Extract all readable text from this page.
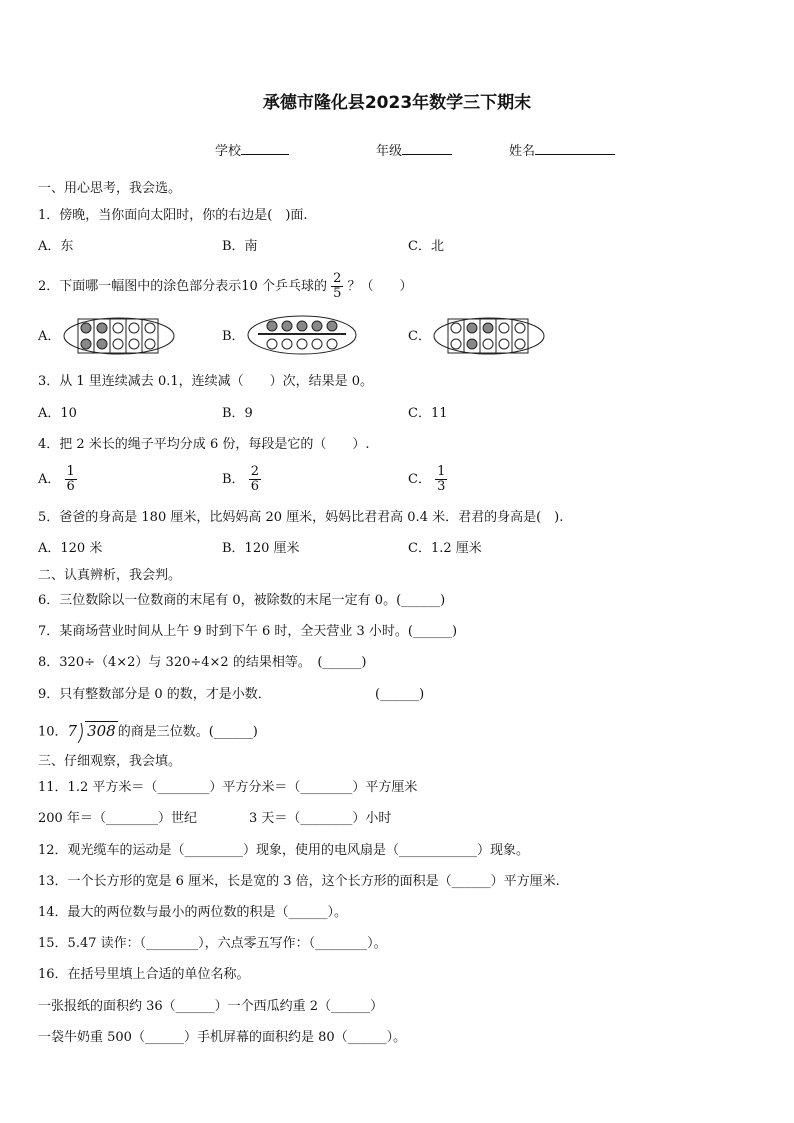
承德市隆化县2023年数学三下期末
学校	年级	姓名
一、用心思考，我会选。
1．傍晚，当你面向太阳时，你的右边是(　)面.
A．东	B．南	C．北
2．下面哪一幅图中的涂色部分表示10 个乒乓球的 $\frac{2}{5}$ ？（　　）
A．	B．	C．
3．从 1 里连续减去 0.1，连续减（　　）次，结果是 0。
A．10	B．9	C．11
4．把 2 米长的绳子平均分成 6 份，每段是它的（　　）.
A． $\frac{1}{6}$	B． $\frac{2}{6}$	C． $\frac{1}{3}$
5．爸爸的身高是 180 厘米，比妈妈高 20 厘米，妈妈比君君高 0.4 米．君君的身高是(　).
A．120 米	B．120 厘米	C．1.2 厘米
二、认真辨析，我会判。
6．三位数除以一位数商的末尾有 0，被除数的末尾一定有 0。(______)
7．某商场营业时间从上午 9 时到下午 6 时，全天营业 3 小时。(______)
8．320÷（4×2）与 320÷4×2 的结果相等。　(______)
9．只有整数部分是 0 的数，才是小数．	(______)
10．7 308 的商是三位数。(______)
三、仔细观察，我会填。
11．1.2 平方米＝（________）平方分米＝（________）平方厘米
200 年＝（________）世纪　　　　3 天＝（________）小时
12．观光缆车的运动是（_________）现象，使用的电风扇是（____________）现象。
13．一个长方形的宽是 6 厘米，长是宽的 3 倍，这个长方形的面积是（______）平方厘米.
14．最大的两位数与最小的两位数的积是（______）。
15．5.47 读作：（________），六点零五写作：（________）。
16．在括号里填上合适的单位名称。
一张报纸的面积约 36（______）一个西瓜约重 2（______）
一袋牛奶重 500（______）手机屏幕的面积约是 80（______）。
